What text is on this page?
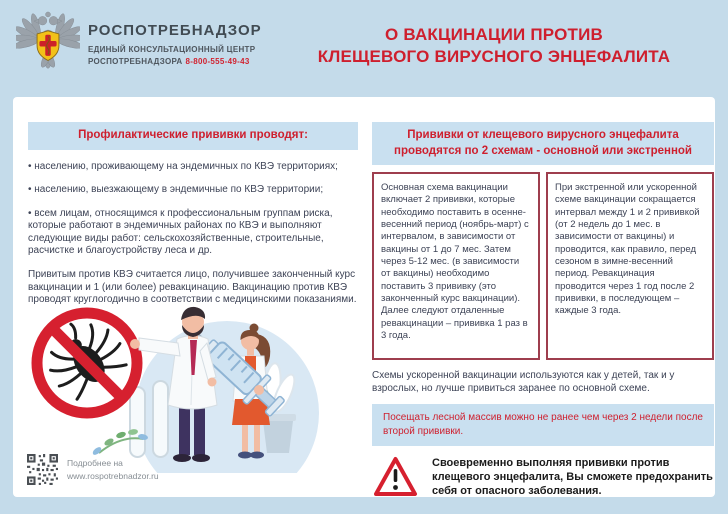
РОСПОТРЕБНАДЗОР
ЕДИНЫЙ КОНСУЛЬТАЦИОННЫЙ ЦЕНТР
РОСПОТРЕБНАДЗОРА 8-800-555-49-43
О ВАКЦИНАЦИИ ПРОТИВ
КЛЕЩЕВОГО ВИРУСНОГО ЭНЦЕФАЛИТА
Профилактические прививки проводят:

• населению, проживающему на эндемичных по КВЭ территориях;

• населению, выезжающему в эндемичные по КВЭ территории;

• всем лицам, относящимся к профессиональным группам риска, которые работают в эндемичных районах по КВЭ и выполняют следующие виды работ: сельскохозяйственные, строительные, расчистке и благоустройству леса и др.

Привитым против КВЭ считается лицо, получившее законченный курс вакцинации и 1 (или более) ревакцинацию. Вакцинацию против КВЭ проводят круглогодично в соответствии с медицинскими показаниями.

Подробнее на
www.rospotrebnadzor.ru
Прививки от клещевого вирусного энцефалита проводятся по 2 схемам - основной или экстренной
Основная схема вакцинации включает 2 прививки, которые необходимо поставить в осенне-весенний период (ноябрь-март) с интервалом, в зависимости от вакцины от 1 до 7 мес. Затем через 5-12 мес. (в зависимости от вакцины) необходимо поставить 3 прививку (это законченный курс вакцинации). Далее следуют отдаленные ревакцинации – прививка 1 раз в 3 года.
При экстренной или ускоренной схеме вакцинации сокращается интервал между 1 и 2 прививкой (от 2 недель до 1 мес. в зависимости от вакцины) и проводится, как правило, перед сезоном в зимне-весенний период. Ревакцинация проводится через 1 год после 2 прививки, в последующем – каждые 3 года.
Схемы ускоренной вакцинации используются как у детей, так и у взрослых, но лучше привиться заранее по основной схеме.
Посещать лесной массив можно не ранее чем через 2 недели после второй прививки.
Своевременно выполняя прививки против клещевого энцефалита, Вы сможете предохранить себя от опасного заболевания.
